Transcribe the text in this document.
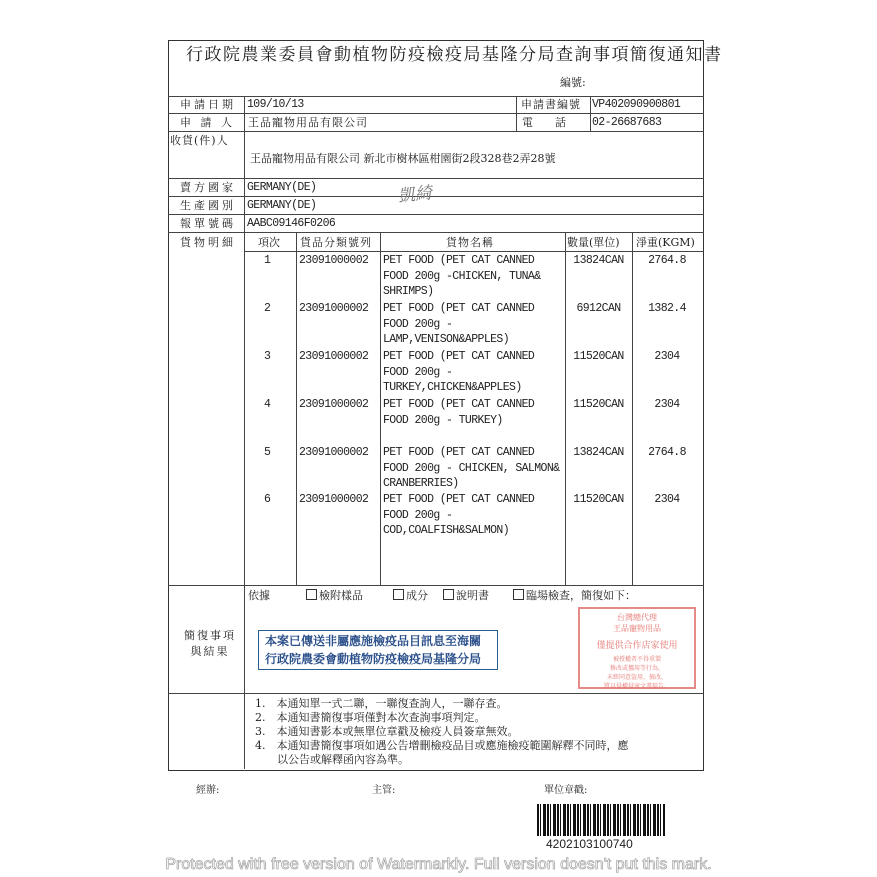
行政院農業委員會動植物防疫檢疫局基隆分局查詢事項簡復通知書
編號:
申請日期 109/10/13	申請書編號 VP402090900801
申 請 人 王品寵物用品有限公司	電　　話 02-26687683
收貨(件)人
王品寵物用品有限公司 新北市樹林區柑園街2段328巷2弄28號
賣方國家 GERMANY(DE)
生產國別 GERMANY(DE)	凱綺
報單號碼 AABC09146F0206
貨物明細 項次 貨品分類號列	貨物名稱	數量(單位) 淨重(KGM)
1 23091000002 PET FOOD (PET CAT CANNED
FOOD 200g -CHICKEN, TUNA&
SHRIMPS)
13824CAN	2764.8
2 23091000002 PET FOOD (PET CAT CANNED
FOOD 200g -
LAMP,VENISON&APPLES)
6912CAN	1382.4
3 23091000002 PET FOOD (PET CAT CANNED
FOOD 200g -
TURKEY,CHICKEN&APPLES)
11520CAN	2304
4 23091000002 PET FOOD (PET CAT CANNED
FOOD 200g - TURKEY)
11520CAN	2304
5 23091000002 PET FOOD (PET CAT CANNED
FOOD 200g - CHICKEN, SALMON&
CRANBERRIES)
13824CAN	2764.8
6 23091000002 PET FOOD (PET CAT CANNED
FOOD 200g -
COD,COALFISH&SALMON)
11520CAN	2304
簡復事項
與結果
依據	檢附樣品	成分	說明書	臨場檢查，簡復如下：
本案已傳送非屬應施檢疫品目訊息至海關
行政院農委會動植物防疫檢疫局基隆分局
台灣總代理
王品寵物用品
僅提供合作店家使用
被授權者不得重製
修改或挪用等行為，
未經同意盜用、擅改，
將以侵權侵害文書提告。
1.　本通知單一式二聯，一聯復查詢人，一聯存查。
2.　本通知書簡復事項僅對本次查詢事項判定。
3.　本通知書影本或無單位章戳及檢疫人員簽章無效。
4.　本通知書簡復事項如遇公告增刪檢疫品目或應施檢疫範圍解釋不同時，應
　　以公告或解釋函內容為準。
經辦:	主管:	單位章戳:
4202103100740
Protected with free version of Watermarkly. Full version doesn't put this mark.
